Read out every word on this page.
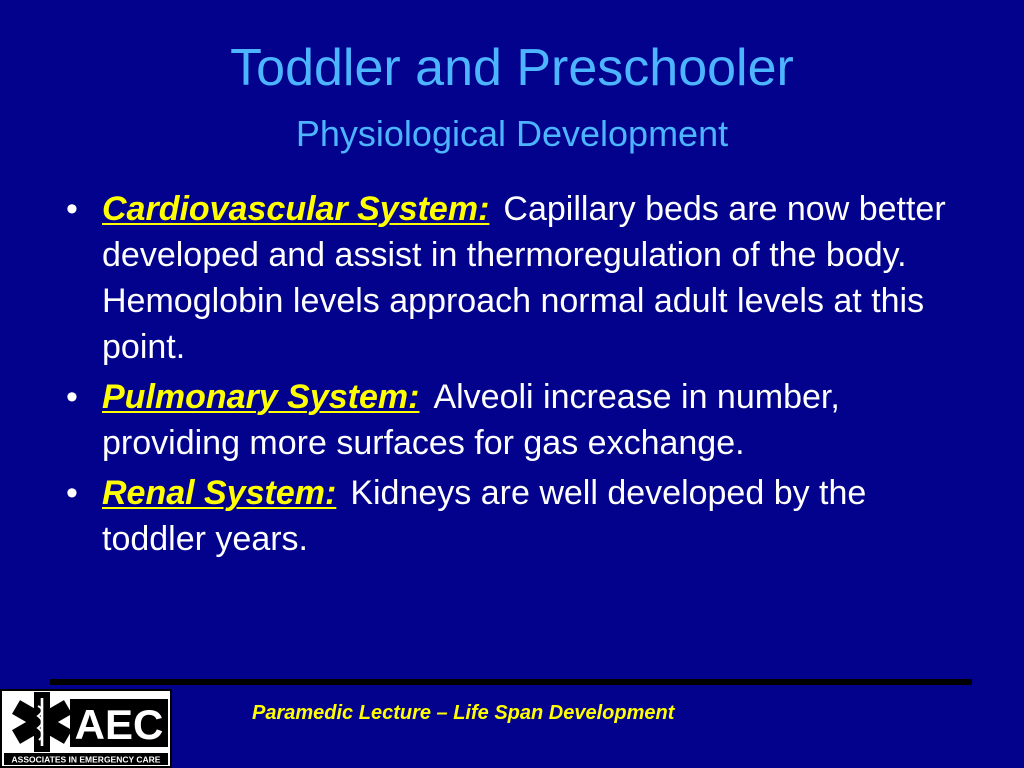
Toddler and Preschooler
Physiological Development
• Cardiovascular System: Capillary beds are now better developed and assist in thermoregulation of the body. Hemoglobin levels approach normal adult levels at this point.
• Pulmonary System: Alveoli increase in number, providing more surfaces for gas exchange.
• Renal System: Kidneys are well developed by the toddler years.
AEC
ASSOCIATES IN EMERGENCY CARE
Paramedic Lecture – Life Span Development
